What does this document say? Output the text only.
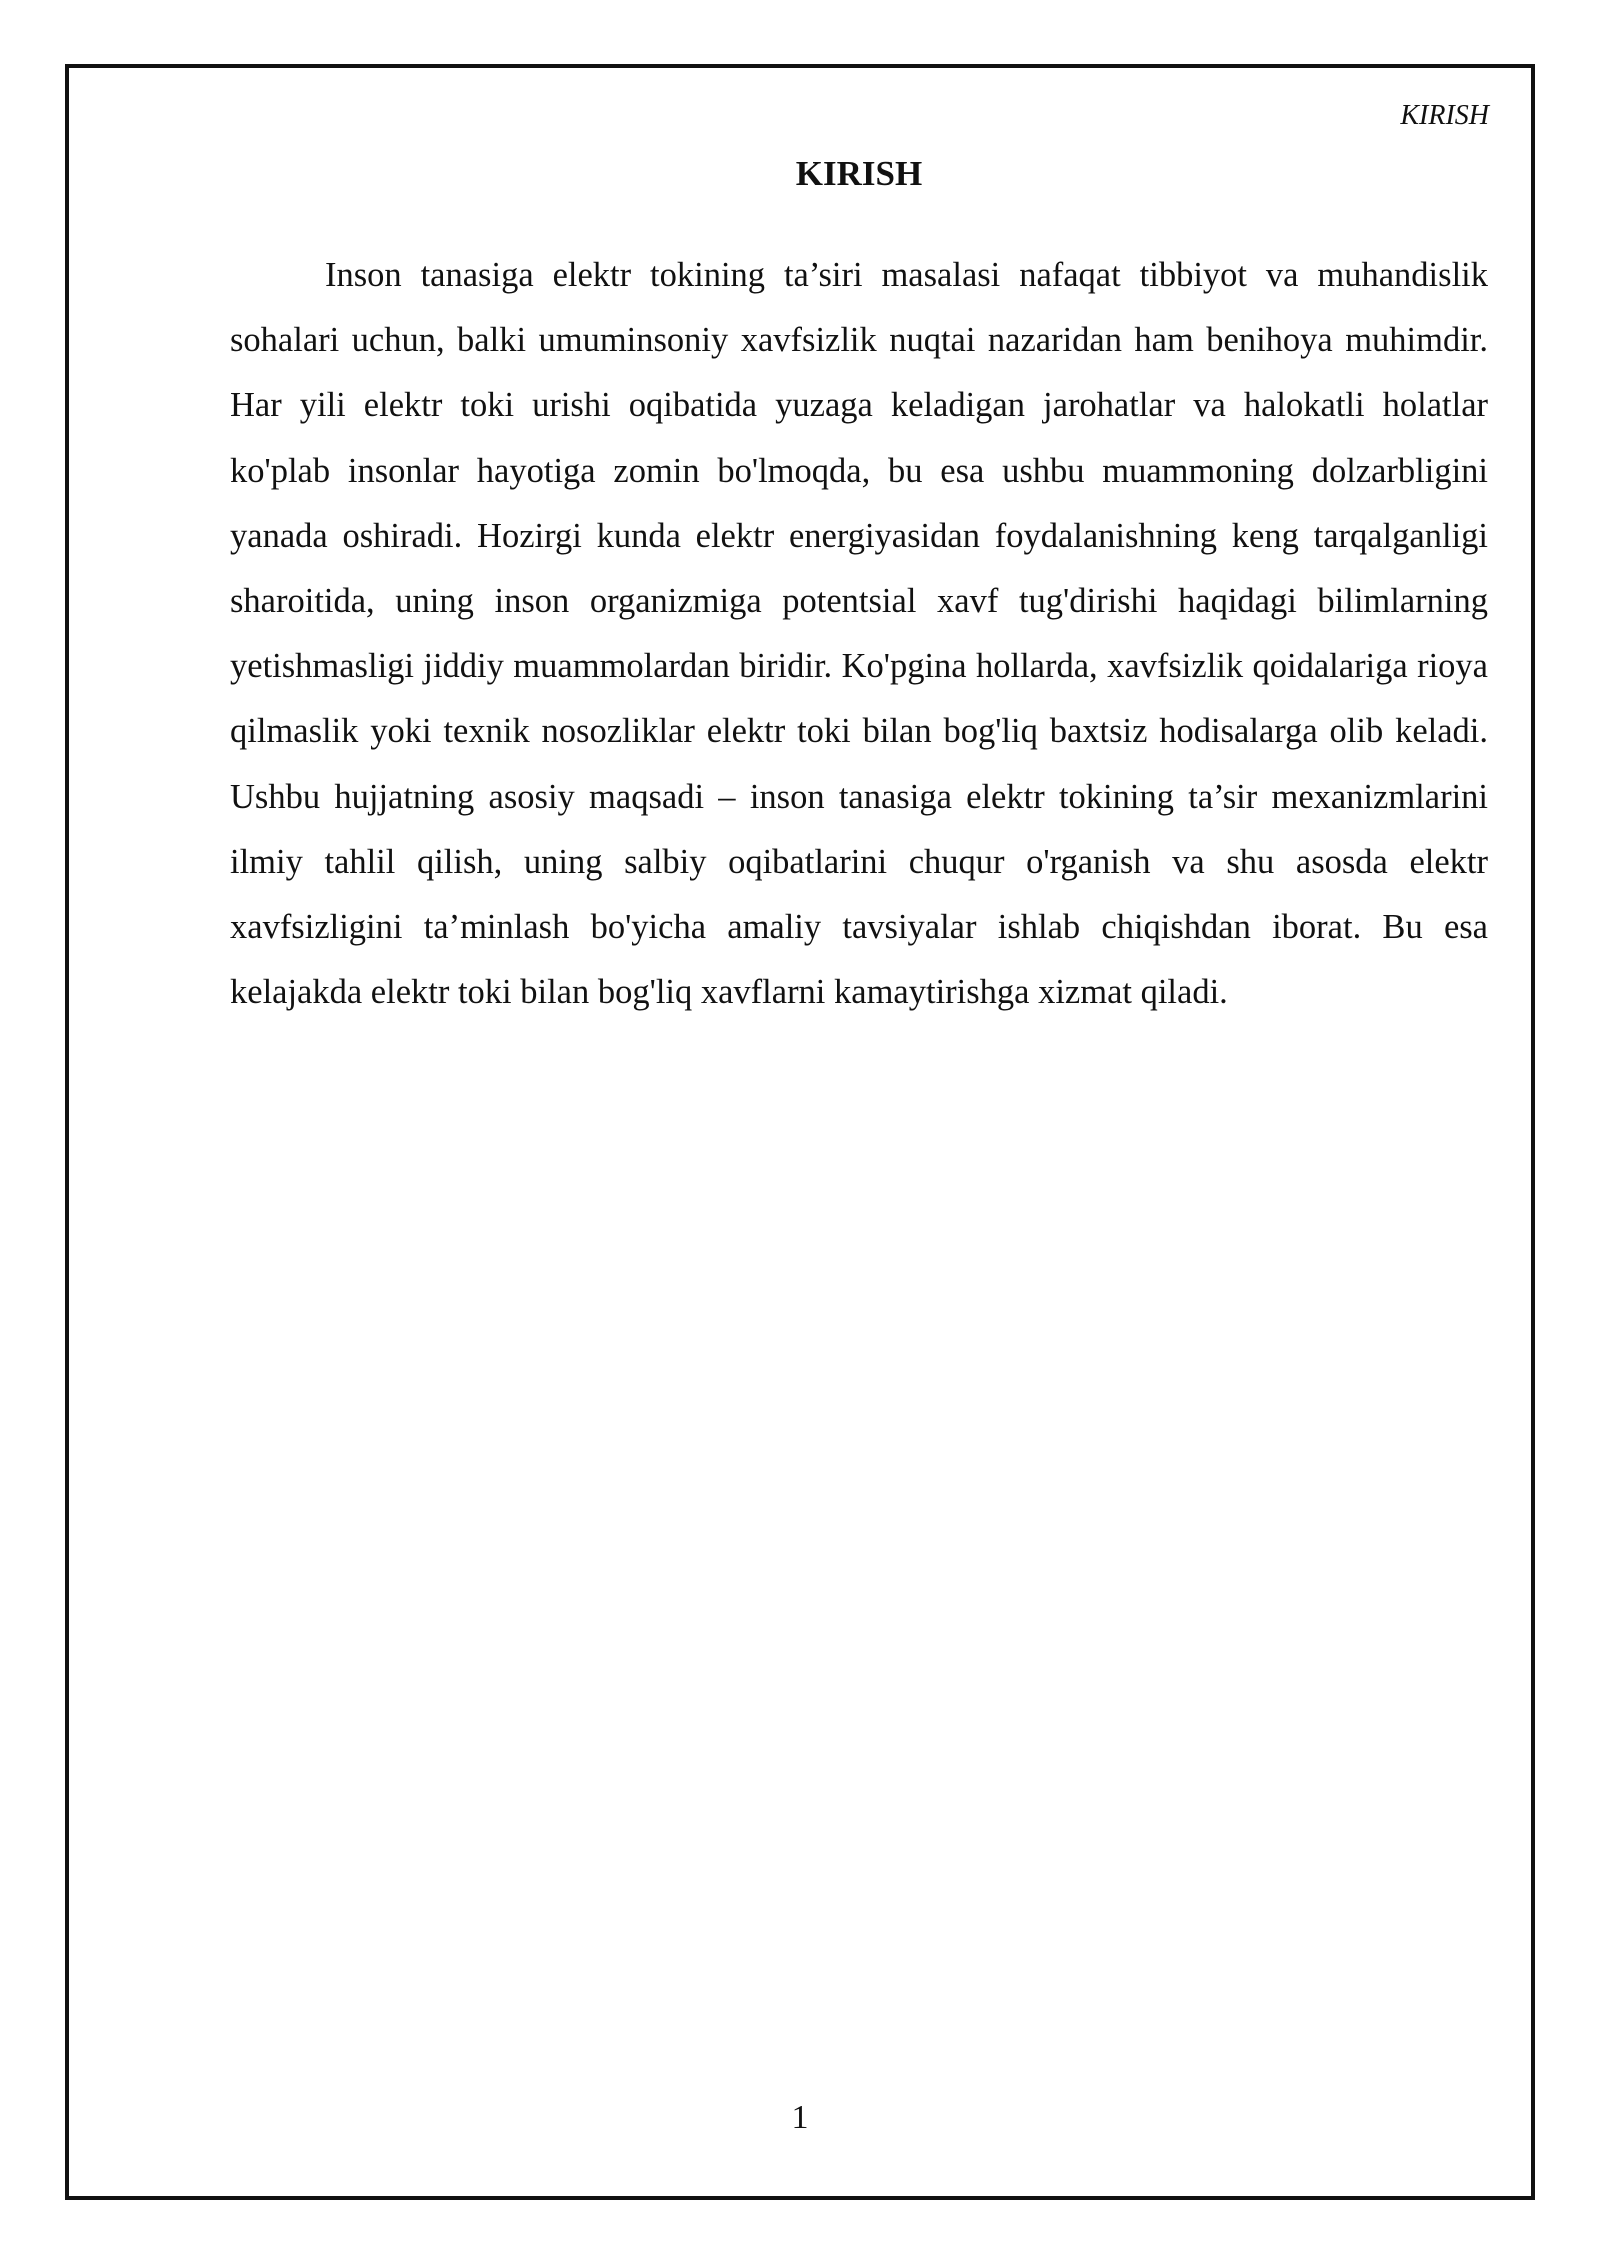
KIRISH
KIRISH

Inson tanasiga elektr tokining ta’siri masalasi nafaqat tibbiyot va muhandislik sohalari uchun, balki umuminsoniy xavfsizlik nuqtai nazaridan ham benihoya muhimdir. Har yili elektr toki urishi oqibatida yuzaga keladigan jarohatlar va halokatli holatlar ko'plab insonlar hayotiga zomin bo'lmoqda, bu esa ushbu muammoning dolzarbligini yanada oshiradi. Hozirgi kunda elektr energiyasidan foydalanishning keng tarqalganligi sharoitida, uning inson organizmiga potentsial xavf tug'dirishi haqidagi bilimlarning yetishmasligi jiddiy muammolardan biridir. Ko'pgina hollarda, xavfsizlik qoidalariga rioya qilmaslik yoki texnik nosozliklar elektr toki bilan bog'liq baxtsiz hodisalarga olib keladi. Ushbu hujjatning asosiy maqsadi – inson tanasiga elektr tokining ta’sir mexanizmlarini ilmiy tahlil qilish, uning salbiy oqibatlarini chuqur o'rganish va shu asosda elektr xavfsizligini ta’minlash bo'yicha amaliy tavsiyalar ishlab chiqishdan iborat. Bu esa kelajakda elektr toki bilan bog'liq xavflarni kamaytirishga xizmat qiladi.

1
